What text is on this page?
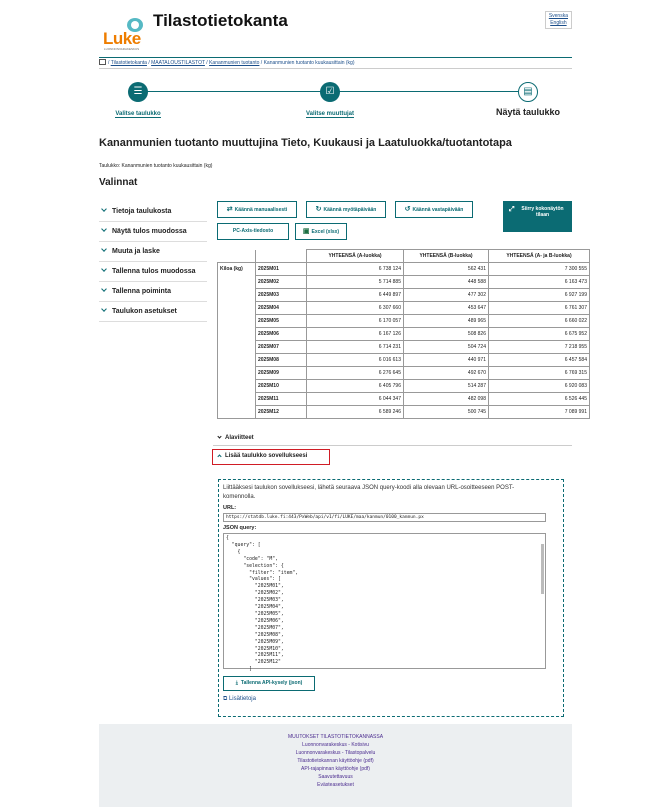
Luke
LUONNONVARAKESKUS
Tilastotietokanta	Svenska
English
/ Tilastotietokanta / MAATALOUSTILASTOT / Kananmunien tuotanto / Kananmunien tuotanto kuukausittain (kg)
☰
Valitse taulukko
☑
Valitse muuttujat
▤
Näytä taulukko
Kananmunien tuotanto muuttujina Tieto, Kuukausi ja Laatuluokka/tuotantotapa
Taulukko: Kananmunien tuotanto kuukausittain (kg)
Valinnat
Tietoja taulukosta
Näytä tulos muodossa
Muuta ja laske
Tallenna tulos muodossa
Tallenna poiminta
Taulukon asetukset
⇄ Käännä manuaalisesti	↻ Käännä myötäpäivään	↺ Käännä vastapäivään	⤢	Siirry kokonäytön tilaan
PC-Axis-tiedosto	▣ Excel (xlsx)
		YHTEENSÄ (A-luokka)	YHTEENSÄ (B-luokka)	YHTEENSÄ (A- ja B-luokka)
Kiloa (kg)	2025M01	6 738 124	562 431	7 300 555
	2025M02	5 714 885	448 588	6 163 473
	2025M03	6 449 897	477 302	6 927 199
	2025M04	6 307 660	453 647	6 761 307
	2025M05	6 170 057	489 965	6 660 022
	2025M06	6 167 126	508 826	6 675 952
	2025M07	6 714 231	504 724	7 218 955
	2025M08	6 016 613	440 971	6 457 584
	2025M09	6 276 645	492 670	6 769 315
	2025M10	6 405 796	514 287	6 920 083
	2025M11	6 044 347	482 098	6 526 445
	2025M12	6 589 246	500 745	7 089 991
Alaviitteet
Lisää taulukko sovellukseesi
Liittääksesi taulukon sovellukseesi, lähetä seuraava JSON query-koodi alla olevaan URL-osoitteeseen POST-komennolla.
URL:
https://statdb.luke.fi:443/PxWeb/api/v1/fi/LUKE/maa/kanmun/0100_kanmun.px
JSON query:
{
"query": [
{
"code": "M",
"selection": {
"filter": "item",
"values": [
"2025M01",
"2025M02",
"2025M03",
"2025M04",
"2025M05",
"2025M06",
"2025M07",
"2025M08",
"2025M09",
"2025M10",
"2025M11",
"2025M12"
]
⤓ Tallenna API-kysely (json)
⧉ Lisätietoja
MUUTOKSET TILASTOTIETOKANNASSA
Luonnonvarakeskus - Kotisivu
Luonnonvarakeskus - Tilastopalvelu
Tilastotietokannan käyttöohje (pdf)
API-rajapinnan käyttöohje (pdf)
Saavutettavuus
Evästeasetukset
